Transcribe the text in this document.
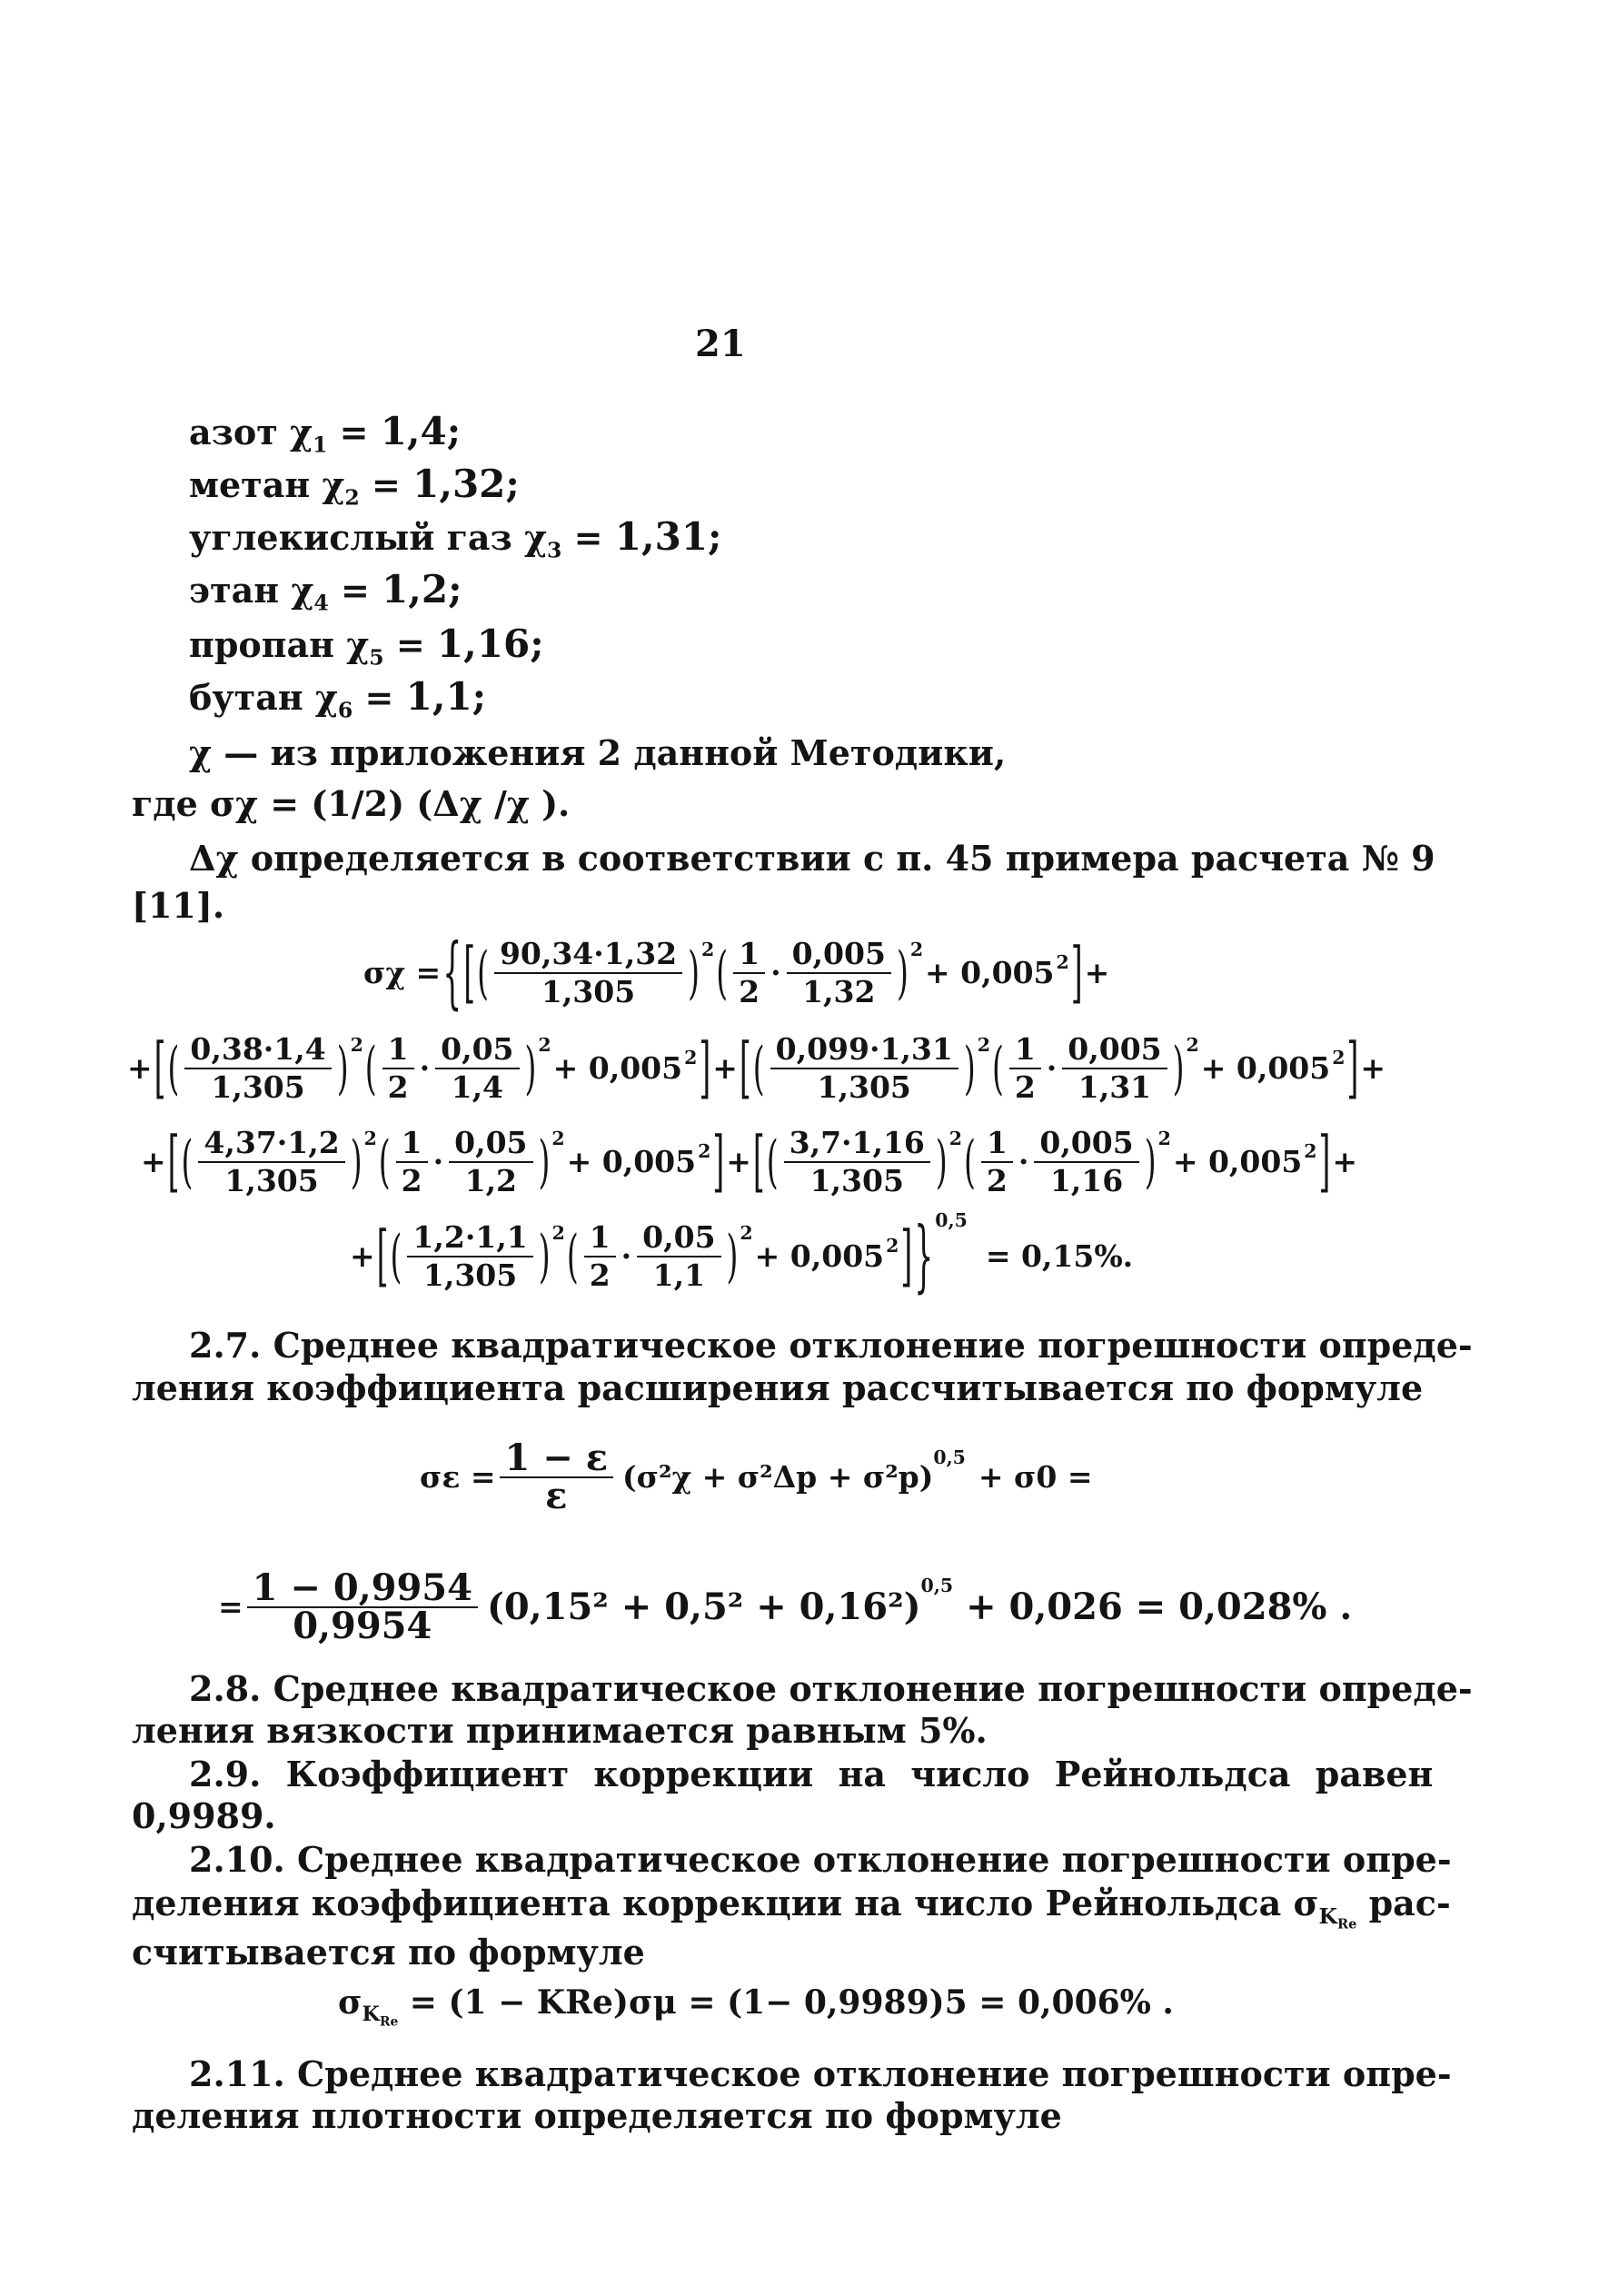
21
азот $\chi_1 = 1,4$;
метан $\chi_2 = 1,32$;
углекислый газ $\chi_3 = 1,31$;
этан $\chi_4 = 1,2$;
пропан $\chi_5 = 1,16$;
бутан $\chi_6 = 1,1$;
χ — из приложения 2 данной Методики,
где σχ = (1/2) (Δχ /χ ).
Δχ определяется в соответствии с п. 45 примера расчета № 9
[11].
σχ = { [ ( $\frac{90,34\cdot 1,32}{1,305} )^2$ ( $\frac{1}{2} \cdot \frac{0,005}{1,32} )^2$
+ $0,005^2$ ] +
+ [ ( $\frac{0,38\cdot 1,4}{1,305} )^2$ ( $\frac{1}{2} \cdot \frac{0,05}{1,4} )^2$
+ $0,005^2$ ] + [ ( $\frac{0,099\cdot 1,31}{1,305} )^2$ ( $\frac{1}{2} \cdot \frac{0,005}{1,31} )^2$
+ $0,005^2$ ] +
+ [ ( $\frac{4,37\cdot 1,2}{1,305} )^2$ ( $\frac{1}{2} \cdot \frac{0,05}{1,2} )^2$
+ $0,005^2$ ] + [ ( $\frac{3,7\cdot 1,16}{1,305} )^2$ ( $\frac{1}{2} \cdot \frac{0,005}{1,16} )^2$
+ $0,005^2$ ] +
+ [ ( $\frac{1,2\cdot 1,1}{1,305} )^2$ ( $\frac{1}{2} \cdot \frac{0,05}{1,1} )^2$
+ $0,005^2$ ] }$^{0,5}$
= 0,15%.
2.7. Среднее квадратическое отклонение погрешности опреде-
ления коэффициента расширения рассчитывается по формуле
$\sigma\varepsilon = \frac{1 - \varepsilon}{\varepsilon} (\sigma^2\chi + \sigma^2\Delta p + \sigma^2p)$
$^{0,5}$
+ σ0 =
= $\frac{1 - 0,9954}{0,9954} (0,15^2 + 0,5^2 + 0,16^2)^{0,5} + 0,026 = 0,028\%$ .
2.8. Среднее квадратическое отклонение погрешности опреде-
ления вязкости принимается равным 5%.
2.9. Коэффициент коррекции на число Рейнольдса равен
0,9989.
2.10. Среднее квадратическое отклонение погрешности опре-
деления коэффициента коррекции на число Рейнольдса $\sigma_{K_{Re}}$ рас-
считывается по формуле
$\sigma_{K_{Re}} = (1 - KRe)\sigma\mu = (1- 0,9989)5 = 0,006\%$ .
2.11. Среднее квадратическое отклонение погрешности опре-
деления плотности определяется по формуле
